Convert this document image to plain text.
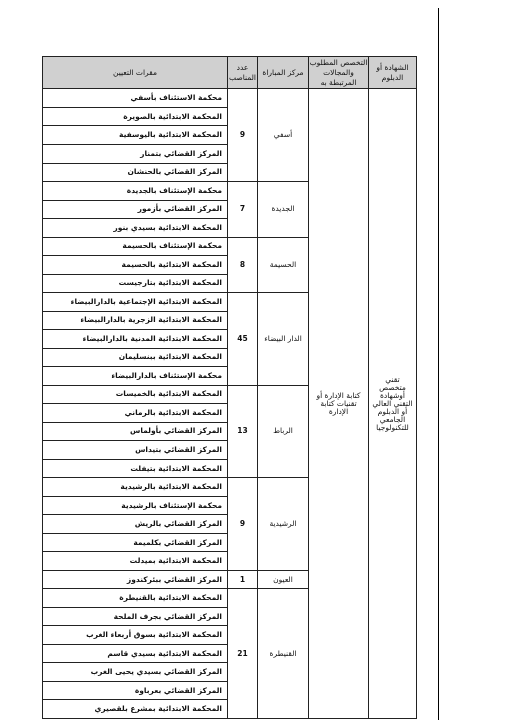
الشهادة أو الدبلوم	التخصص المطلوب والمجالات المرتبطة به	مركز المباراة	عدد المناصب	مقرات التعيين
تقني متخصص أوشهادة التقني العالي أو الدبلوم الجامعي للتكنولوجيا	كتابة الإدارة أو تقنيات كتابة الإدارة	أسفي	9	محكمة الاستئناف بأسفي
				المحكمة الابتدائية بالصويرة
				المحكمة الابتدائية باليوسفية
				المركز القضائي بتمنار
				المركز القضائي بالحنشان
		الجديدة	7	محكمة الإستئناف بالجديدة
				المركز القضائي بأزمور
				المحكمة الابتدائية بسيدي بنور
		الحسيمة	8	محكمة الإستئناف بالحسيمة
				المحكمة الابتدائية بالحسيمة
				المحكمة الابتدائية بتارجيست
		الدار البيضاء	45	المحكمة الابتدائية الإجتماعية بالدارالبيضاء
				المحكمة الابتدائية الزجرية بالدارالبيضاء
				المحكمة الابتدائية المدنية بالدارالبيضاء
				المحكمة الابتدائية ببنسليمان
				محكمة الإستئناف بالدارالبيضاء
		الرباط	13	المحكمة الابتدائية بالخميسات
				المحكمة الابتدائية بالرماني
				المركز القضائي بأولماس
				المركز القضائي بتيداس
				المحكمة الابتدائية بتيفلت
		الرشيدية	9	المحكمة الابتدائية بالرشيدية
				محكمة الإستئناف بالرشيدية
				المركز القضائي بالريش
				المركز القضائي بكلميمة
				المحكمة الابتدائية بميدلت
		العيون	1	المركز القضائي ببئركندوز
		القنيطرة	21	المحكمة الابتدائية بالقنيطرة
				المركز القضائي بجرف الملحة
				المحكمة الابتدائية بسوق أربعاء الغرب
				المحكمة الابتدائية بسيدي قاسم
				المركز القضائي بسيدي يحيى الغرب
				المركز القضائي بعرباوة
				المحكمة الابتدائية بمشرع بلقصيري
